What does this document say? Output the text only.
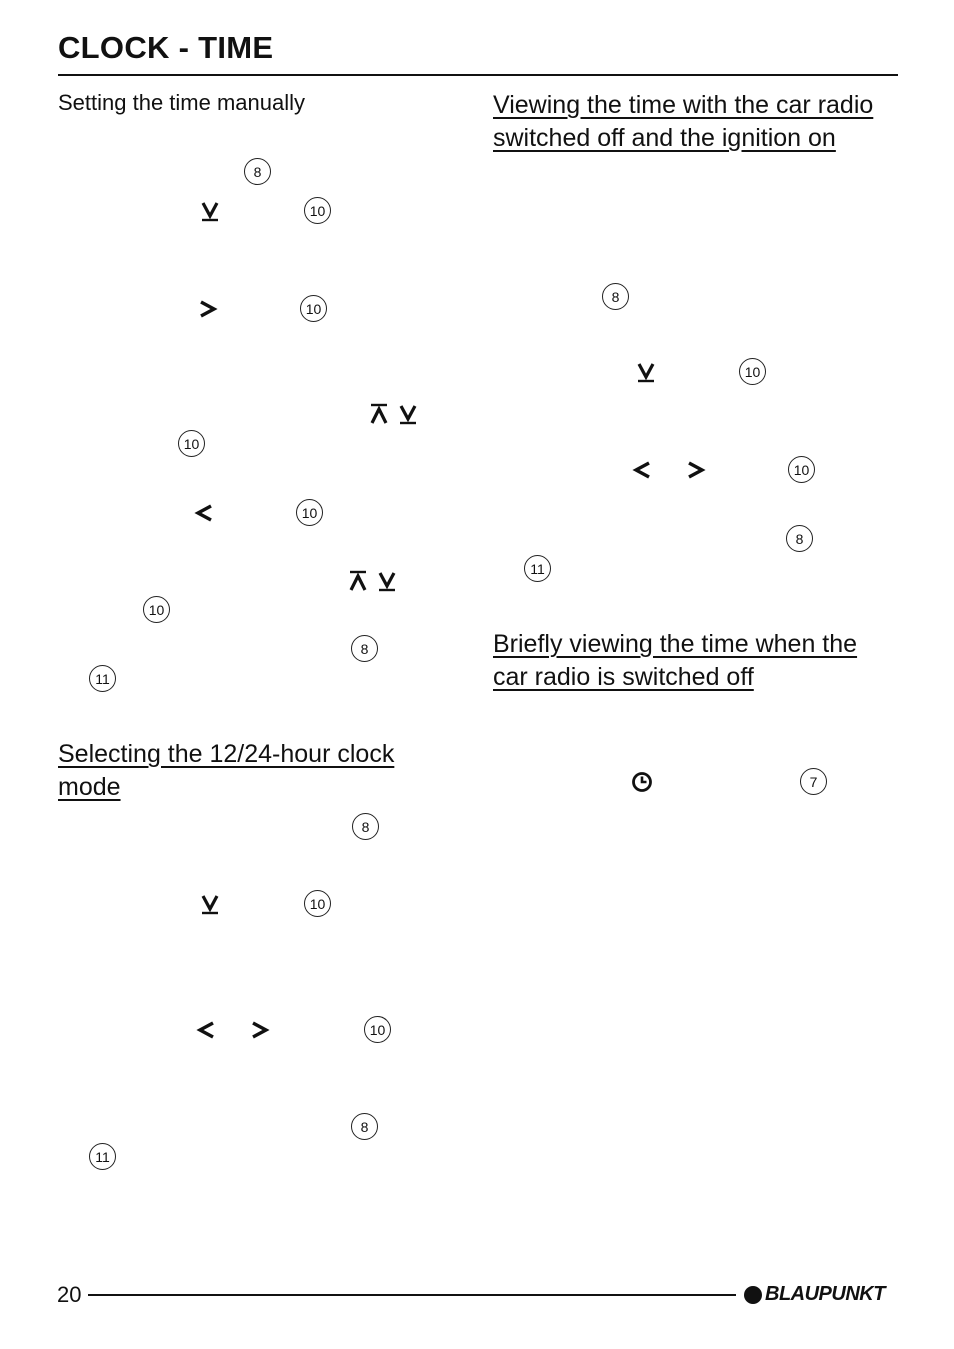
CLOCK - TIME
Setting the time manually
8
10
10
10
10
10
8
11
Selecting the 12/24-hour clock mode
8
10
10
8
11
Viewing the time with the car radio switched off and the ignition on
8
10
10
8
11
Briefly viewing the time when the car radio is switched off
7
20	BLAUPUNKT
